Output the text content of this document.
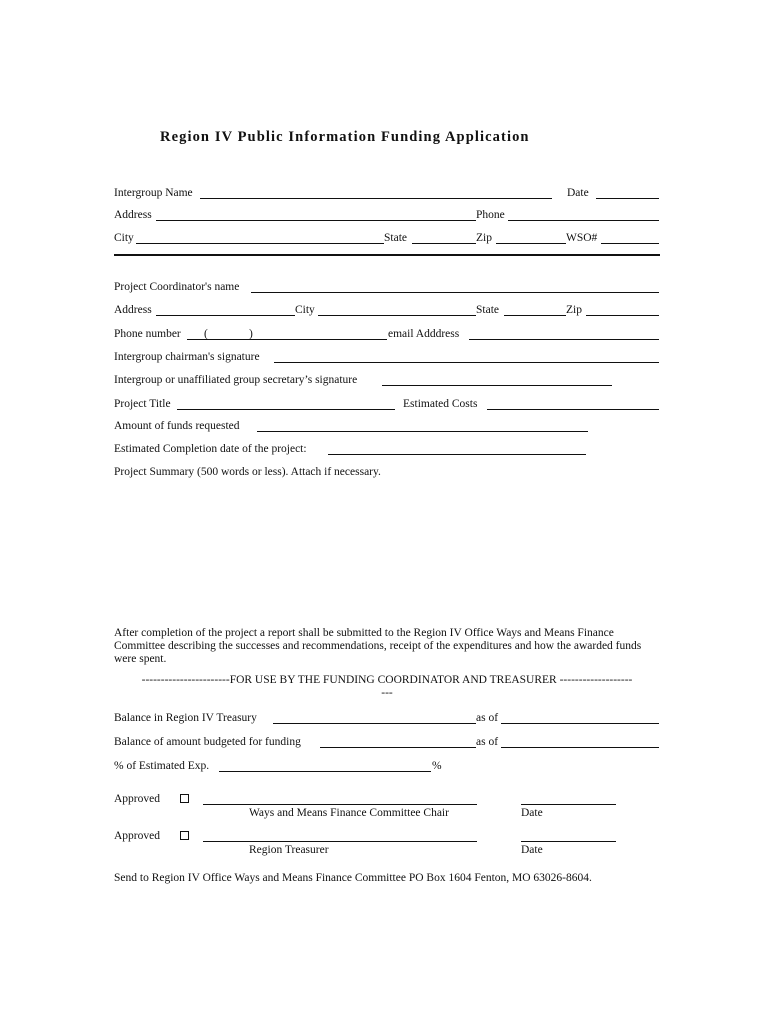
Region IV Public Information Funding Application
Intergroup Name	Date
Address	Phone
City	State	Zip	WSO#
Project Coordinator's name
Address	City	State	Zip
Phone number (	)	email Adddress
Intergroup chairman's signature
Intergroup or unaffiliated group secretary’s signature
Project Title	Estimated Costs
Amount of funds requested
Estimated Completion date of the project:
Project Summary (500 words or less). Attach if necessary.
After completion of the project a report shall be submitted to the Region IV Office Ways and Means Finance Committee describing the successes and recommendations, receipt of the expenditures and how the awarded funds were spent.
-----------------------FOR USE BY THE FUNDING COORDINATOR AND TREASURER -------------------
---
Balance in Region IV Treasury	as of
Balance of amount budgeted for funding	as of
% of Estimated Exp.	%
Approved
Ways and Means Finance Committee Chair	Date
Approved
Region Treasurer	Date
Send to Region IV Office Ways and Means Finance Committee PO Box 1604 Fenton, MO 63026-8604.
